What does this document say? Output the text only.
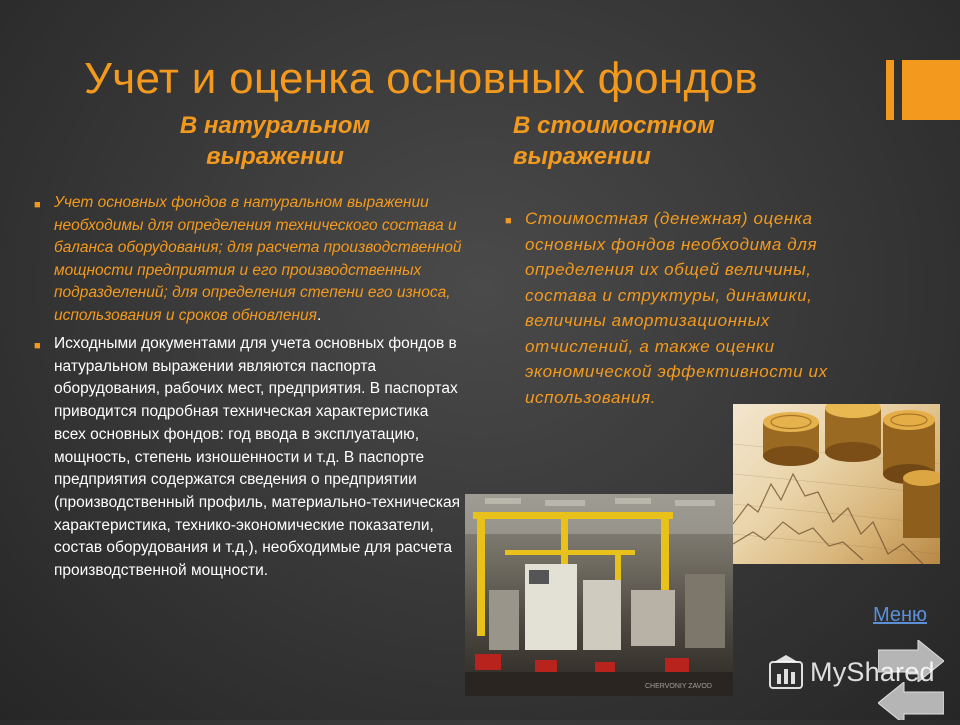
Учет и оценка основных фондов
В натуральном
выражении
В стоимостном
выражении
■ Учет основных фондов в натуральном выражении необходимы для определения технического состава и баланса оборудования; для расчета производственной мощности предприятия и его производственных подразделений; для определения степени его износа, использования и сроков обновления.
■ Исходными документами для учета основных фондов в натуральном выражении являются паспорта оборудования, рабочих мест, предприятия. В паспортах приводится подробная техническая характеристика всех основных фондов: год ввода в эксплуатацию, мощность, степень изношенности и т.д. В паспорте предприятия содержатся сведения о предприятии (производственный профиль, материально-техническая характеристика, технико-экономические показатели, состав оборудования и т.д.), необходимые для расчета производственной мощности.
■ Стоимостная (денежная) оценка основных фондов необходима для определения их общей величины, состава и структуры, динамики, величины амортизационных отчислений, а также оценки экономической эффективности их использования.
CHERVONIY ZAVOD
Меню
MyShared
